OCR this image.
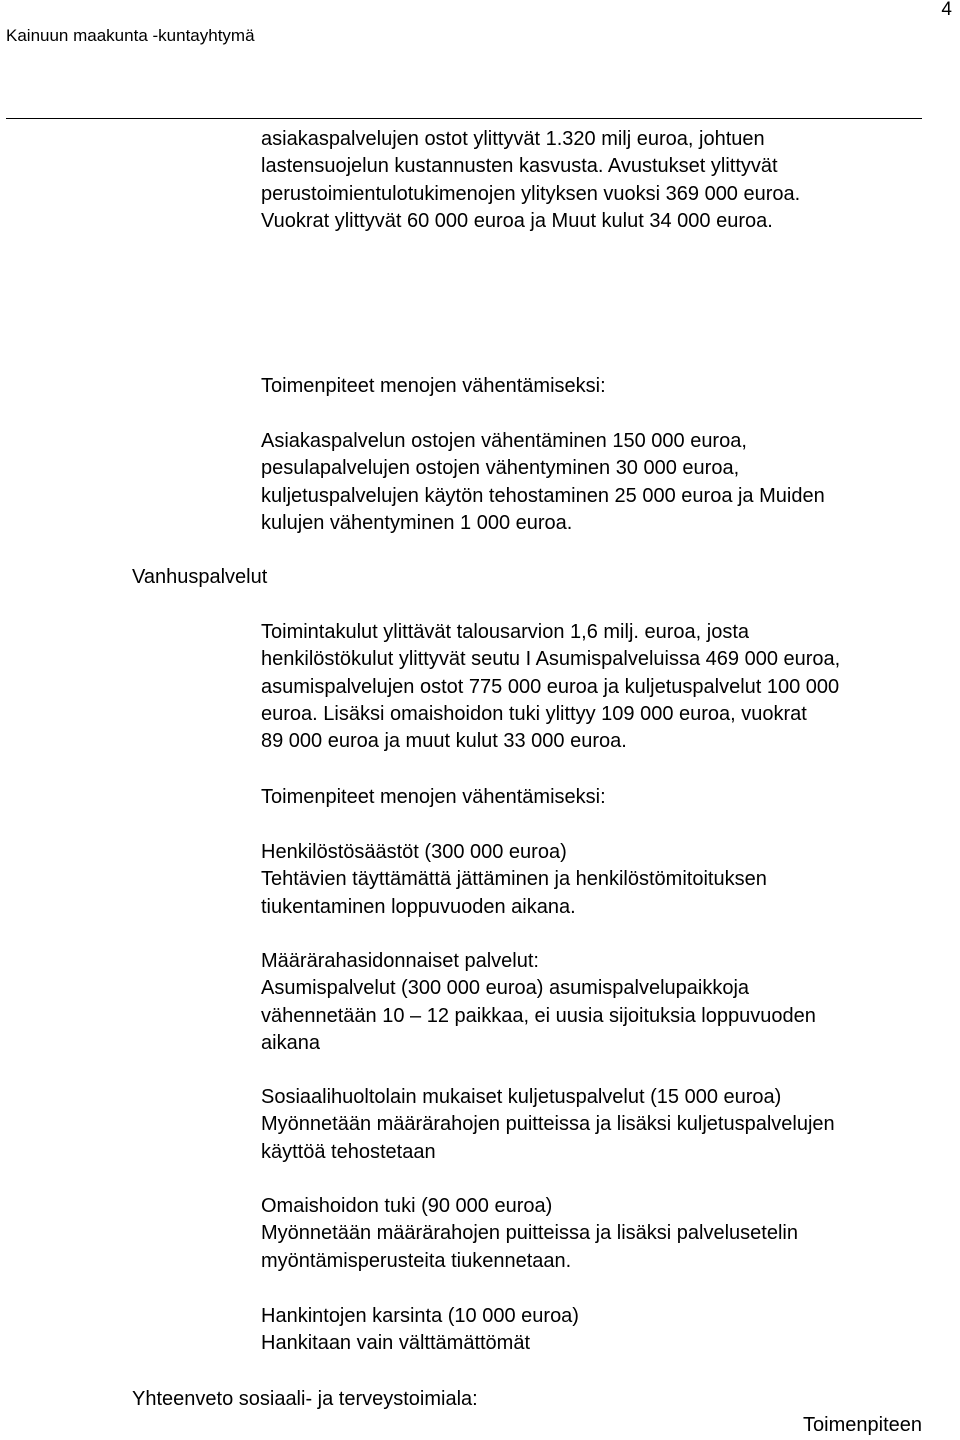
Kainuun maakunta -kuntayhtymä
4

asiakaspalvelujen ostot ylittyvät 1.320 milj euroa, johtuen
lastensuojelun kustannusten kasvusta. Avustukset ylittyvät
perustoimientulotukimenojen ylityksen vuoksi 369 000 euroa.
Vuokrat ylittyvät 60 000 euroa ja Muut kulut 34 000 euroa.

Toimenpiteet menojen vähentämiseksi:

Asiakaspalvelun ostojen vähentäminen 150 000 euroa,
pesulapalvelujen ostojen vähentyminen 30 000 euroa,
kuljetuspalvelujen käytön tehostaminen 25 000 euroa ja Muiden
kulujen vähentyminen 1 000 euroa.

Vanhuspalvelut

Toimintakulut ylittävät talousarvion 1,6 milj. euroa, josta
henkilöstökulut ylittyvät seutu I Asumispalveluissa 469 000 euroa,
asumispalvelujen ostot 775 000 euroa ja kuljetuspalvelut 100 000
euroa. Lisäksi omaishoidon tuki ylittyy 109 000 euroa, vuokrat
89 000 euroa ja muut kulut 33 000 euroa.

Toimenpiteet menojen vähentämiseksi:

Henkilöstösäästöt (300 000 euroa)
Tehtävien täyttämättä jättäminen ja henkilöstömitoituksen
tiukentaminen loppuvuoden aikana.

Määrärahasidonnaiset palvelut:
Asumispalvelut (300 000 euroa) asumispalvelupaikkoja
vähennetään 10 – 12 paikkaa, ei uusia sijoituksia loppuvuoden
aikana

Sosiaalihuoltolain mukaiset kuljetuspalvelut (15 000 euroa)
Myönnetään määrärahojen puitteissa ja lisäksi kuljetuspalvelujen
käyttöä tehostetaan

Omaishoidon tuki (90 000 euroa)
Myönnetään määrärahojen puitteissa ja lisäksi palvelusetelin
myöntämisperusteita tiukennetaan.

Hankintojen karsinta (10 000 euroa)
Hankitaan vain välttämättömät

Yhteenveto sosiaali- ja terveystoimiala:
Toimenpiteen
